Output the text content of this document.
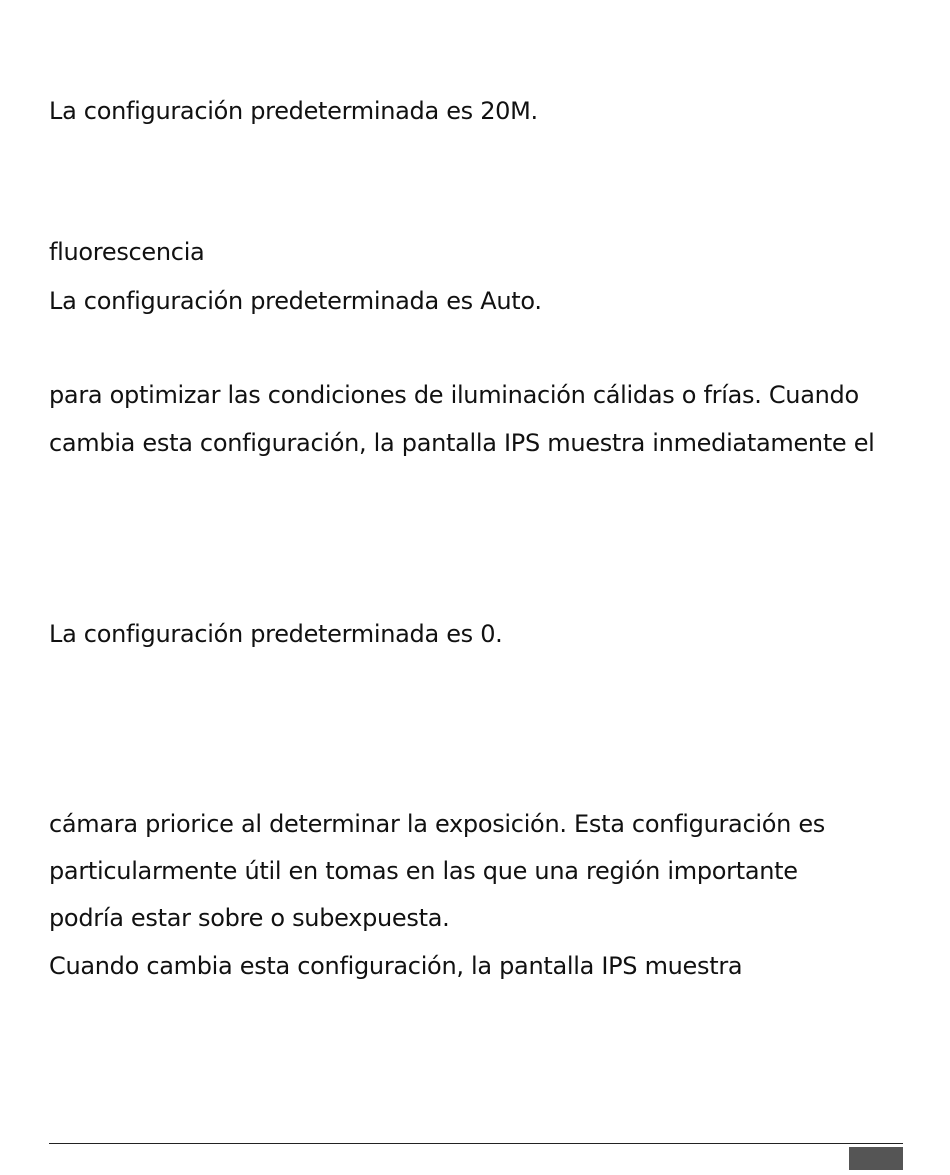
La configuración predeterminada es 20M.

fluorescencia

La configuración predeterminada es Auto.

para optimizar las condiciones de iluminación cálidas o frías. Cuando

cambia esta configuración, la pantalla IPS muestra inmediatamente el

La configuración predeterminada es 0.

cámara priorice al determinar la exposición. Esta configuración es

particularmente útil en tomas en las que una región importante

podría estar sobre o subexpuesta.

Cuando cambia esta configuración, la pantalla IPS muestra
